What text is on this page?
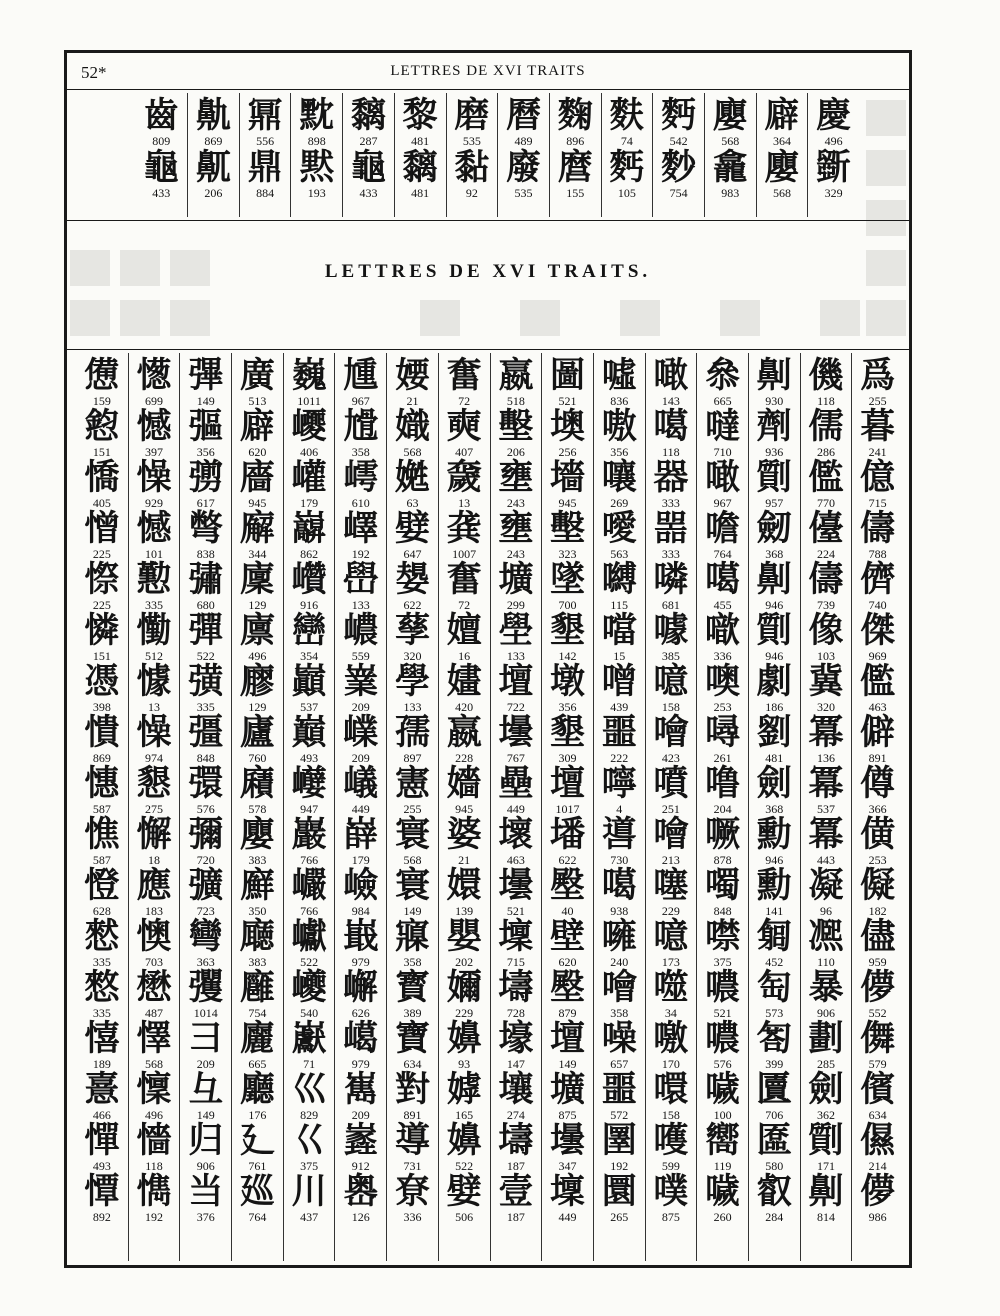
52*	LETTRES DE XVI TRAITS
慶
496
斵
329
廦
364
廮
568
廮
568
龕
983
麪
542
麨
754
麩
74
麫
105
麴
896
麿
155
曆
489
廢
535
磨
535
黏
92
黎
481
黐
481
黐
287
龜
433
黕
898
黙
193
鼏
556
鼎
884
鼽
869
鼿
206
齒
809
龜
433
LETTRES DE XVI TRAITS.
爲
255
暮
241
億
715
儔
788
儕
740
傑
969
儖
463
僻
891
僔
366
僙
253
儗
182
儘
959
儚
552
儛
579
儐
634
儑
214
儚
986
僟
118
儒
286
儖
770
儓
224
儔
739
像
103
冀
320
冪
136
冪
537
冪
443
凝
96
凞
110
暴
906
劃
285
劍
362
劕
171
劓
814
劓
930
劑
936
劕
957
劒
368
劓
946
劕
946
劇
186
劉
481
劍
368
勳
946
勳
141
匔
452
匋
573
匒
399
匵
706
匲
580
叡
284
叅
665
噠
710
噉
967
噡
764
噶
455
噷
336
噢
253
噚
261
噜
204
噘
878
噣
848
噤
375
噥
521
噥
576
噦
100
嚮
119
噦
260
噉
143
噶
118
器
333
噐
333
噒
681
噱
385
噫
158
噲
423
噴
251
噲
213
噻
229
噫
173
噬
34
噭
170
噮
158
嚄
599
噗
875
噓
836
嗷
356
嚷
269
噯
563
嚩
115
噹
15
噌
439
噩
222
嚀
4
噵
730
噶
938
噰
240
噲
358
噪
657
噩
572
圛
192
圜
265
圖
521
墺
256
墻
945
墼
323
墜
700
墾
142
墩
356
墾
309
壇
1017
墦
622
壂
40
壁
620
壂
879
壇
149
壙
875
壜
347
壈
449
嬴
518
墼
206
壅
243
壅
243
壙
299
壆
133
壇
722
壜
767
壘
449
壞
463
壜
521
壈
715
壔
728
壕
147
壤
274
壔
187
壹
187
奮
72
奭
407
奯
13
龚
1007
奮
72
嬗
16
嫿
420
嬴
228
嬙
945
婆
21
嬛
139
嬰
202
嬭
229
嬶
93
嫭
165
嬶
522
嬖
506
婹
21
嬂
568
嬎
63
嬖
647
嫢
622
孶
320
學
133
孺
897
憲
255
寰
568
寰
149
寱
358
寳
389
寶
634
對
891
導
731
尞
336
尰
967
尳
358
嶀
610
嶧
192
嶨
133
嶩
559
嶪
209
嶫
209
嶬
449
嶭
179
嶮
984
嶯
979
嶰
626
嶱
979
嶲
209
嶳
912
嶴
126
巍
1011
巎
406
巏
179
巐
862
巑
916
巒
354
巓
537
巔
493
巕
947
巖
766
巗
766
巘
522
巙
540
巚
71
巛
829
巜
375
川
437
廣
513
廦
620
廧
945
廨
344
廩
129
廪
496
廫
129
廬
760
廭
578
廮
383
廯
350
廰
383
廱
754
廲
665
廳
176
廴
761
廵
764
彃
149
彄
356
彅
617
彆
838
彇
680
彈
522
彉
335
彊
848
彋
576
彌
720
彍
723
彎
363
彏
1014
彐
209
彑
149
归
906
当
376
憽
699
憾
397
懆
929
憾
101
懃
335
懄
512
懅
13
懆
974
懇
275
懈
18
應
183
懊
703
懋
487
懌
568
懍
496
懎
118
懏
192
憊
159
憌
151
憍
405
憎
225
憏
225
憐
151
憑
398
憒
869
憓
587
憔
587
憕
628
憖
335
憗
335
憘
189
憙
466
憚
493
憛
892
